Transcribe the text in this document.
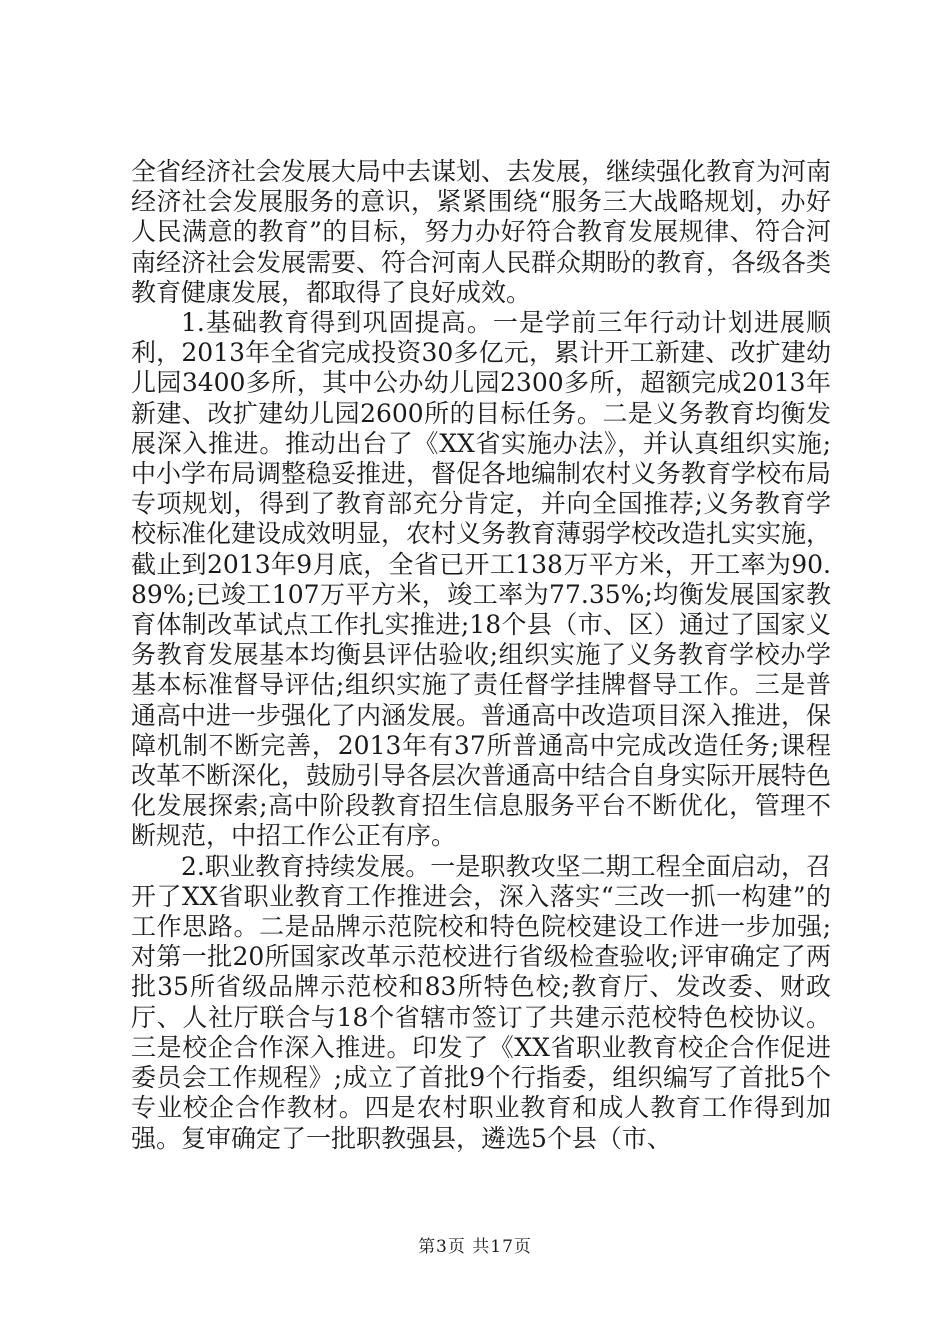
全省经济社会发展大局中去谋划、去发展，继续强化教育为河南经济社会发展服务的意识，紧紧围绕“服务三大战略规划，办好人民满意的教育”的目标，努力办好符合教育发展规律、符合河南经济社会发展需要、符合河南人民群众期盼的教育，各级各类教育健康发展，都取得了良好成效。

1.基础教育得到巩固提高。一是学前三年行动计划进展顺利，2013年全省完成投资30多亿元，累计开工新建、改扩建幼儿园3400多所，其中公办幼儿园2300多所，超额完成2013年新建、改扩建幼儿园2600所的目标任务。二是义务教育均衡发展深入推进。推动出台了《XX省实施办法》，并认真组织实施;中小学布局调整稳妥推进，督促各地编制农村义务教育学校布局专项规划，得到了教育部充分肯定，并向全国推荐;义务教育学校标准化建设成效明显，农村义务教育薄弱学校改造扎实实施，截止到2013年9月底，全省已开工138万平方米，开工率为90.89%;已竣工107万平方米，竣工率为77.35%;均衡发展国家教育体制改革试点工作扎实推进;18个县（市、区）通过了国家义务教育发展基本均衡县评估验收;组织实施了义务教育学校办学基本标准督导评估;组织实施了责任督学挂牌督导工作。三是普通高中进一步强化了内涵发展。普通高中改造项目深入推进，保障机制不断完善，2013年有37所普通高中完成改造任务;课程改革不断深化，鼓励引导各层次普通高中结合自身实际开展特色化发展探索;高中阶段教育招生信息服务平台不断优化，管理不断规范，中招工作公正有序。

2.职业教育持续发展。一是职教攻坚二期工程全面启动，召开了XX省职业教育工作推进会，深入落实“三改一抓一构建”的工作思路。二是品牌示范院校和特色院校建设工作进一步加强;对第一批20所国家改革示范校进行省级检查验收;评审确定了两批35所省级品牌示范校和83所特色校;教育厅、发改委、财政厅、人社厅联合与18个省辖市签订了共建示范校特色校协议。三是校企合作深入推进。印发了《XX省职业教育校企合作促进委员会工作规程》;成立了首批9个行指委，组织编写了首批5个专业校企合作教材。四是农村职业教育和成人教育工作得到加强。复审确定了一批职教强县，遴选5个县（市、

第3页 共17页
